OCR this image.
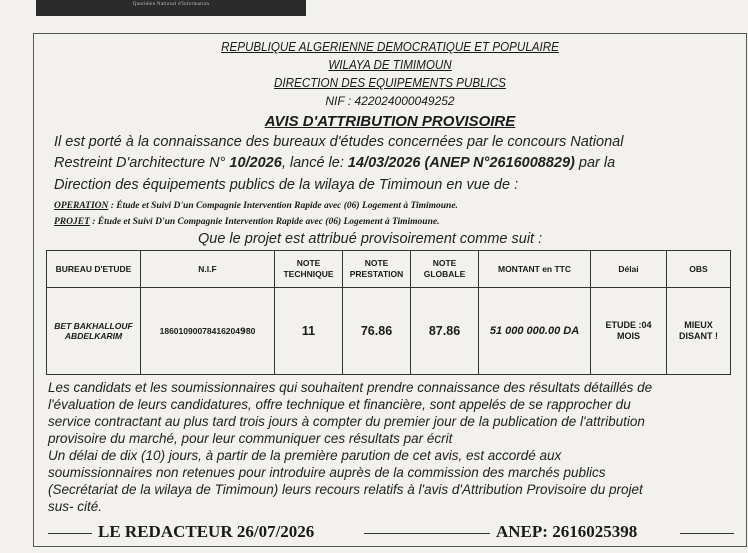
Quotidien National d'Information
REPUBLIQUE ALGERIENNE DEMOCRATIQUE ET POPULAIRE
WILAYA DE TIMIMOUN
DIRECTION DES EQUIPEMENTS PUBLICS
NIF : 422024000049252
AVIS D'ATTRIBUTION PROVISOIRE
Il est porté à la connaissance des bureaux d'études concernées par le concours National
Restreint D'architecture N° 10/2026, lancé le: 14/03/2026 (ANEP N°2616008829) par la
Direction des équipements publics de la wilaya de Timimoun en vue de :
OPERATION : Étude et Suivi D'un Compagnie Intervention Rapide avec (06) Logement à Timimoune.
PROJET : Étude et Suivi D'un Compagnie Intervention Rapide avec (06) Logement à Timimoune.
Que le projet est attribué provisoirement comme suit :
BUREAU D'ETUDE	N.I.F	NOTE TECHNIQUE	NOTE PRESTATION	NOTE GLOBALE	MONTANT en TTC	Délai	OBS
BET BAKHALLOUF ABDELKARIM	186010900784162049ٓ80	11	76.86	87.86	51 000 000.00 DA	ETUDE :04 MOIS	MIEUX DISANT !
Les candidats et les soumissionnaires qui souhaitent prendre connaissance des résultats détaillés de
l'évaluation de leurs candidatures, offre technique et financière, sont appelés de se rapprocher du
service contractant au plus tard trois jours à compter du premier jour de la publication de l'attribution
provisoire du marché, pour leur communiquer ces résultats par écrit
Un délai de dix (10) jours, à partir de la première parution de cet avis, est accordé aux
soumissionnaires non retenues pour introduire auprès de la commission des marchés publics
(Secrétariat de la wilaya de Timimoun) leurs recours relatifs à l'avis d'Attribution Provisoire du projet
sus- cité.
LE REDACTEUR 26/07/2026	ANEP: 2616025398
